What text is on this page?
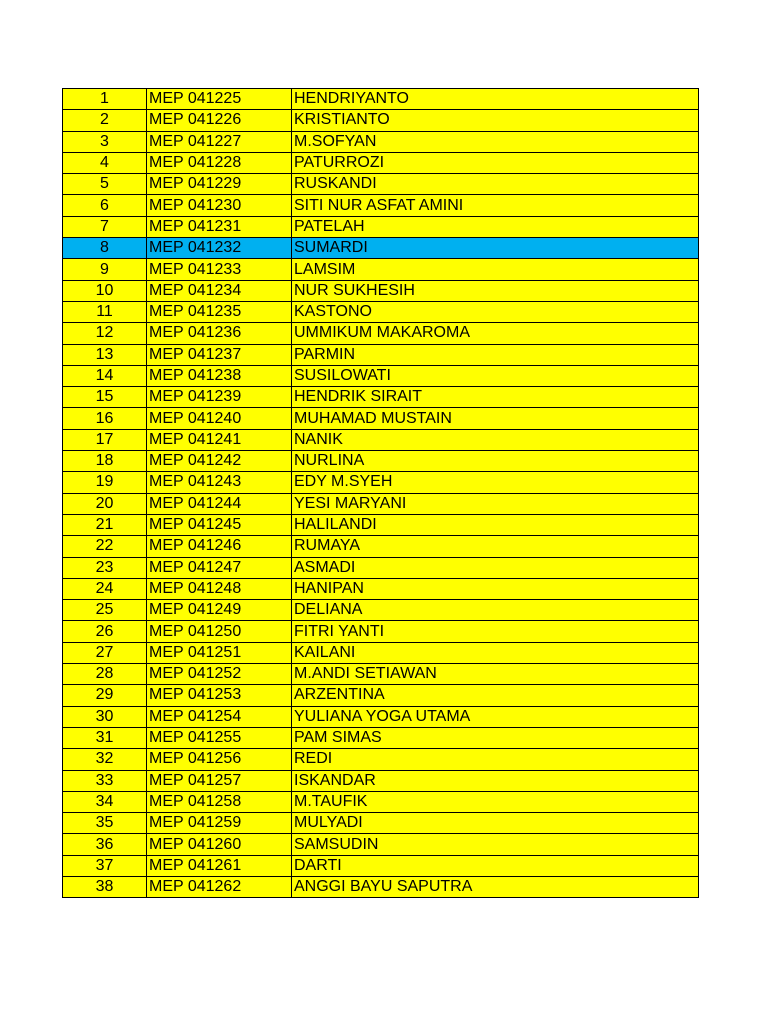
1	MEP 041225	HENDRIYANTO
2	MEP 041226	KRISTIANTO
3	MEP 041227	M.SOFYAN
4	MEP 041228	PATURROZI
5	MEP 041229	RUSKANDI
6	MEP 041230	SITI NUR ASFAT AMINI
7	MEP 041231	PATELAH
8	MEP 041232	SUMARDI
9	MEP 041233	LAMSIM
10	MEP 041234	NUR SUKHESIH
11	MEP 041235	KASTONO
12	MEP 041236	UMMIKUM MAKAROMA
13	MEP 041237	PARMIN
14	MEP 041238	SUSILOWATI
15	MEP 041239	HENDRIK SIRAIT
16	MEP 041240	MUHAMAD MUSTAIN
17	MEP 041241	NANIK
18	MEP 041242	NURLINA
19	MEP 041243	EDY M.SYEH
20	MEP 041244	YESI MARYANI
21	MEP 041245	HALILANDI
22	MEP 041246	RUMAYA
23	MEP 041247	ASMADI
24	MEP 041248	HANIPAN
25	MEP 041249	DELIANA
26	MEP 041250	FITRI YANTI
27	MEP 041251	KAILANI
28	MEP 041252	M.ANDI SETIAWAN
29	MEP 041253	ARZENTINA
30	MEP 041254	YULIANA YOGA UTAMA
31	MEP 041255	PAM SIMAS
32	MEP 041256	REDI
33	MEP 041257	ISKANDAR
34	MEP 041258	M.TAUFIK
35	MEP 041259	MULYADI
36	MEP 041260	SAMSUDIN
37	MEP 041261	DARTI
38	MEP 041262	ANGGI BAYU SAPUTRA
